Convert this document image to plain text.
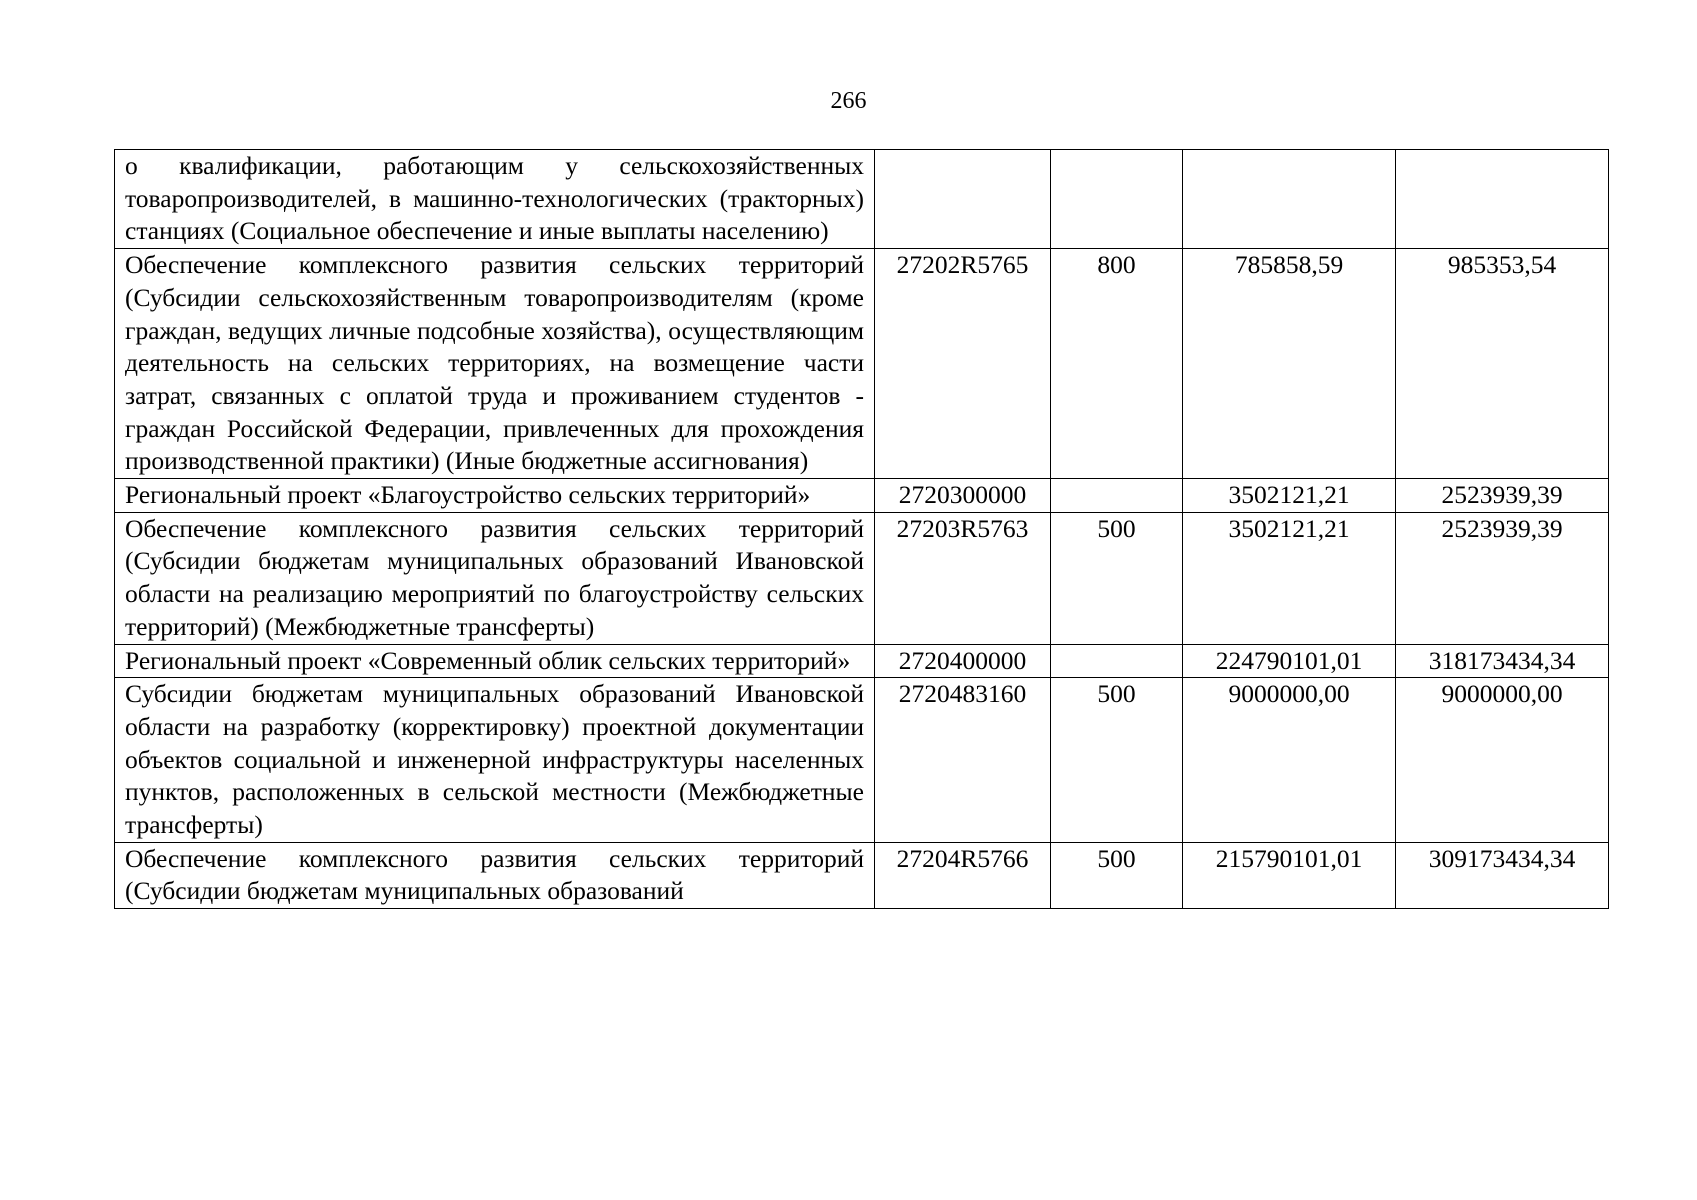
266
о квалификации, работающим у сельскохозяйственных товаропроизводителей, в машинно-технологических (тракторных) станциях (Социальное обеспечение и иные выплаты населению)				
Обеспечение комплексного развития сельских территорий (Субсидии сельскохозяйственным товаропроизводителям (кроме граждан, ведущих личные подсобные хозяйства), осуществляющим деятельность на сельских территориях, на возмещение части затрат, связанных с оплатой труда и проживанием студентов - граждан Российской Федерации, привлеченных для прохождения производственной практики) (Иные бюджетные ассигнования)	27202R5765	800	785858,59	985353,54
Региональный проект «Благоустройство сельских территорий»	2720300000		3502121,21	2523939,39
Обеспечение комплексного развития сельских территорий (Субсидии бюджетам муниципальных образований Ивановской области на реализацию мероприятий по благоустройству сельских территорий) (Межбюджетные трансферты)	27203R5763	500	3502121,21	2523939,39
Региональный проект «Современный облик сельских территорий»	2720400000		224790101,01	318173434,34
Субсидии бюджетам муниципальных образований Ивановской области на разработку (корректировку) проектной документации объектов социальной и инженерной инфраструктуры населенных пунктов, расположенных в сельской местности (Межбюджетные трансферты)	2720483160	500	9000000,00	9000000,00
Обеспечение комплексного развития сельских территорий (Субсидии бюджетам муниципальных образований	27204R5766	500	215790101,01	309173434,34
